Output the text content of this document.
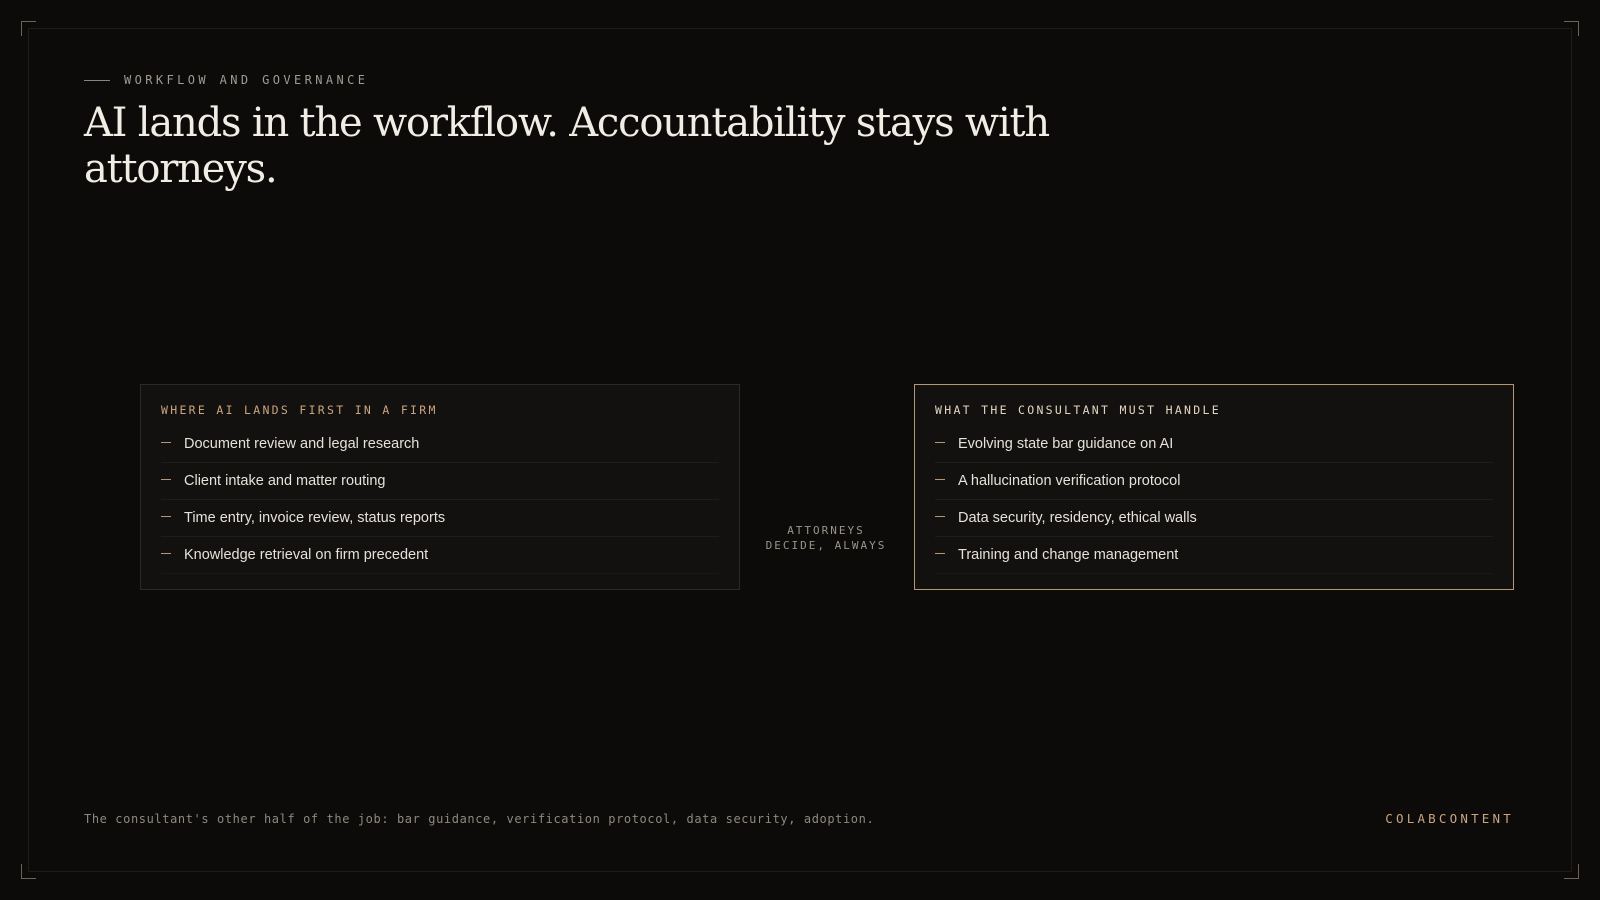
WORKFLOW AND GOVERNANCE
AI lands in the workflow. Accountability stays with attorneys.
WHERE AI LANDS FIRST IN A FIRM
Document review and legal research
Client intake and matter routing
Time entry, invoice review, status reports
Knowledge retrieval on firm precedent
ATTORNEYS
DECIDE, ALWAYS
WHAT THE CONSULTANT MUST HANDLE
Evolving state bar guidance on AI
A hallucination verification protocol
Data security, residency, ethical walls
Training and change management
The consultant's other half of the job: bar guidance, verification protocol, data security, adoption.	COLABCONTENT
